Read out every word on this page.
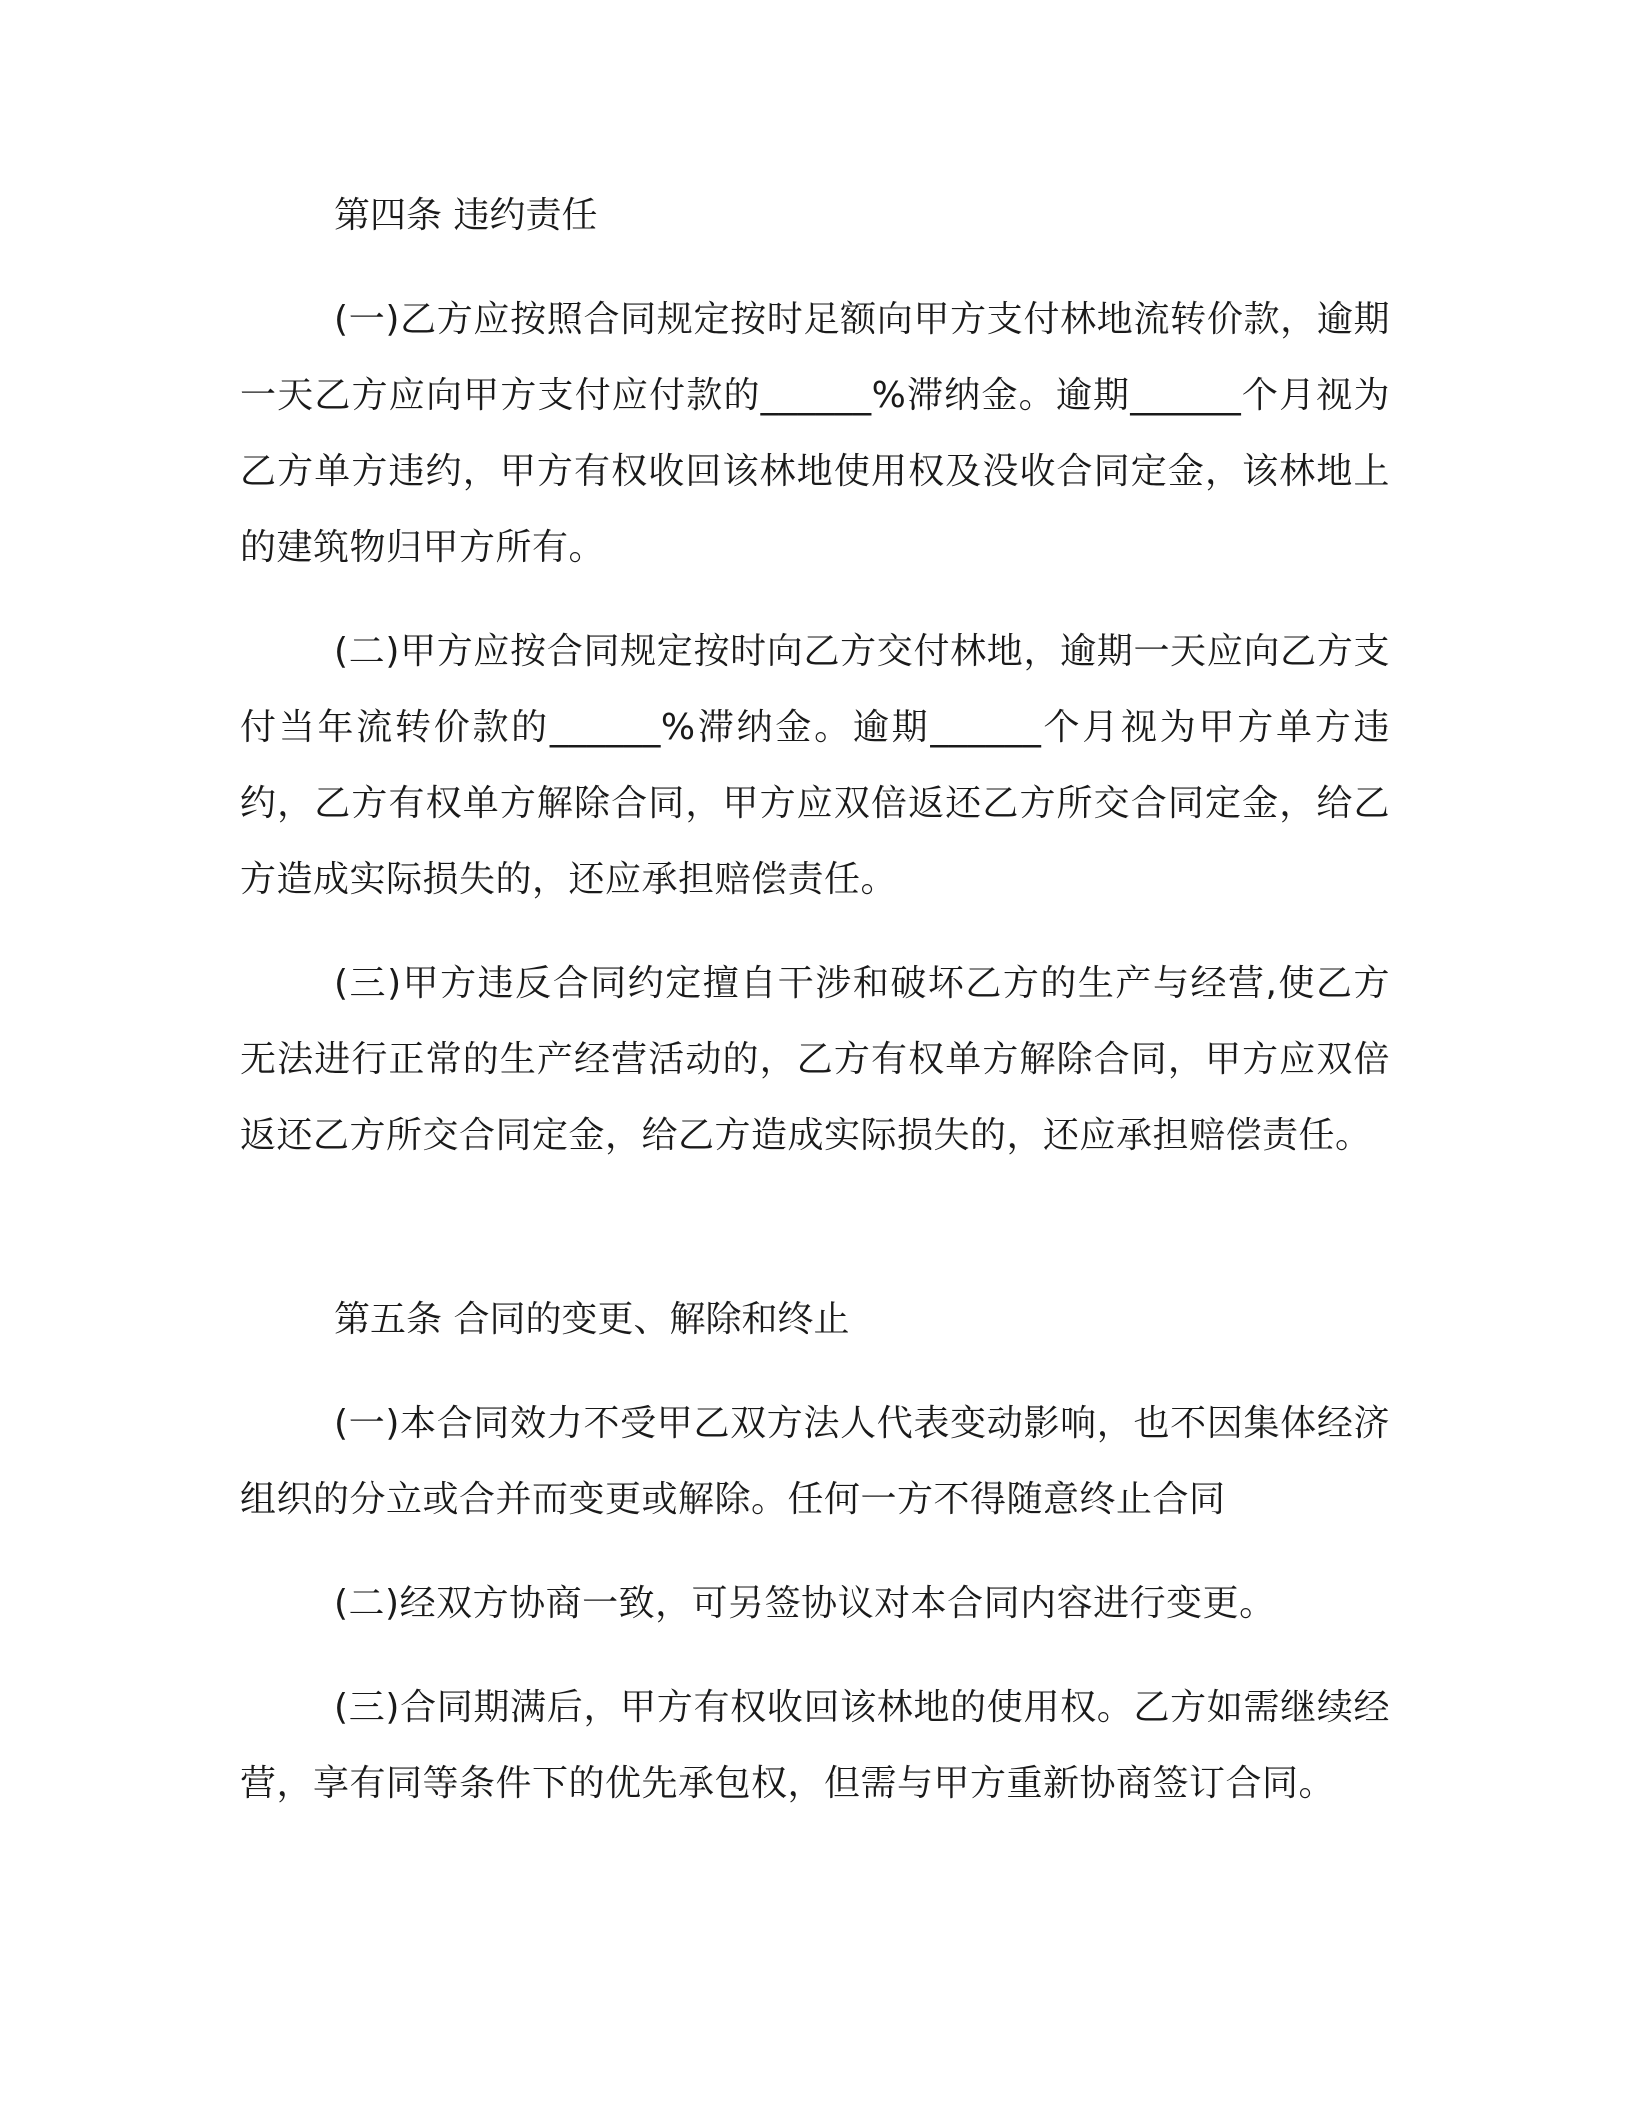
第四条 违约责任
(一)乙方应按照合同规定按时足额向甲方支付林地流转价款，逾期一天乙方应向甲方支付应付款的______%滞纳金。逾期______个月视为乙方单方违约，甲方有权收回该林地使用权及没收合同定金，该林地上的建筑物归甲方所有。
(二)甲方应按合同规定按时向乙方交付林地，逾期一天应向乙方支付当年流转价款的______%滞纳金。逾期______个月视为甲方单方违约，乙方有权单方解除合同，甲方应双倍返还乙方所交合同定金，给乙方造成实际损失的，还应承担赔偿责任。
(三)甲方违反合同约定擅自干涉和破坏乙方的生产与经营,使乙方无法进行正常的生产经营活动的，乙方有权单方解除合同，甲方应双倍返还乙方所交合同定金，给乙方造成实际损失的，还应承担赔偿责任。
第五条 合同的变更、解除和终止
(一)本合同效力不受甲乙双方法人代表变动影响，也不因集体经济组织的分立或合并而变更或解除。任何一方不得随意终止合同
(二)经双方协商一致，可另签协议对本合同内容进行变更。
(三)合同期满后，甲方有权收回该林地的使用权。乙方如需继续经营，享有同等条件下的优先承包权，但需与甲方重新协商签订合同。
